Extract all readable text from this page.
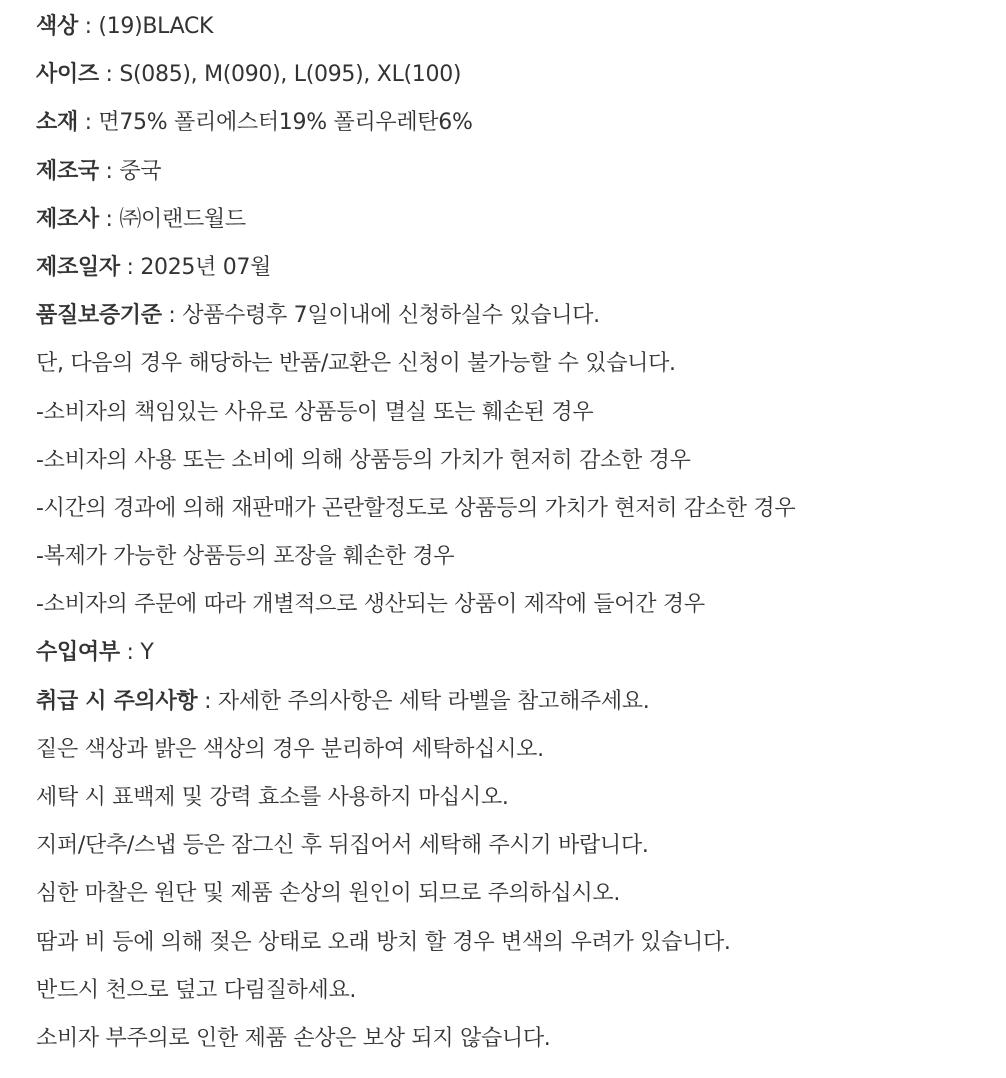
색상 : (19)BLACK
사이즈 : S(085), M(090), L(095), XL(100)
소재 : 면75% 폴리에스터19% 폴리우레탄6%
제조국 : 중국
제조사 : ㈜이랜드월드
제조일자 : 2025년 07월
품질보증기준 : 상품수령후 7일이내에 신청하실수 있습니다.
단, 다음의 경우 해당하는 반품/교환은 신청이 불가능할 수 있습니다.
-소비자의 책임있는 사유로 상품등이 멸실 또는 훼손된 경우
-소비자의 사용 또는 소비에 의해 상품등의 가치가 현저히 감소한 경우
-시간의 경과에 의해 재판매가 곤란할정도로 상품등의 가치가 현저히 감소한 경우
-복제가 가능한 상품등의 포장을 훼손한 경우
-소비자의 주문에 따라 개별적으로 생산되는 상품이 제작에 들어간 경우
수입여부 : Y
취급 시 주의사항 : 자세한 주의사항은 세탁 라벨을 참고해주세요.
짙은 색상과 밝은 색상의 경우 분리하여 세탁하십시오.
세탁 시 표백제 및 강력 효소를 사용하지 마십시오.
지퍼/단추/스냅 등은 잠그신 후 뒤집어서 세탁해 주시기 바랍니다.
심한 마찰은 원단 및 제품 손상의 원인이 되므로 주의하십시오.
땀과 비 등에 의해 젖은 상태로 오래 방치 할 경우 변색의 우려가 있습니다.
반드시 천으로 덮고 다림질하세요.
소비자 부주의로 인한 제품 손상은 보상 되지 않습니다.
